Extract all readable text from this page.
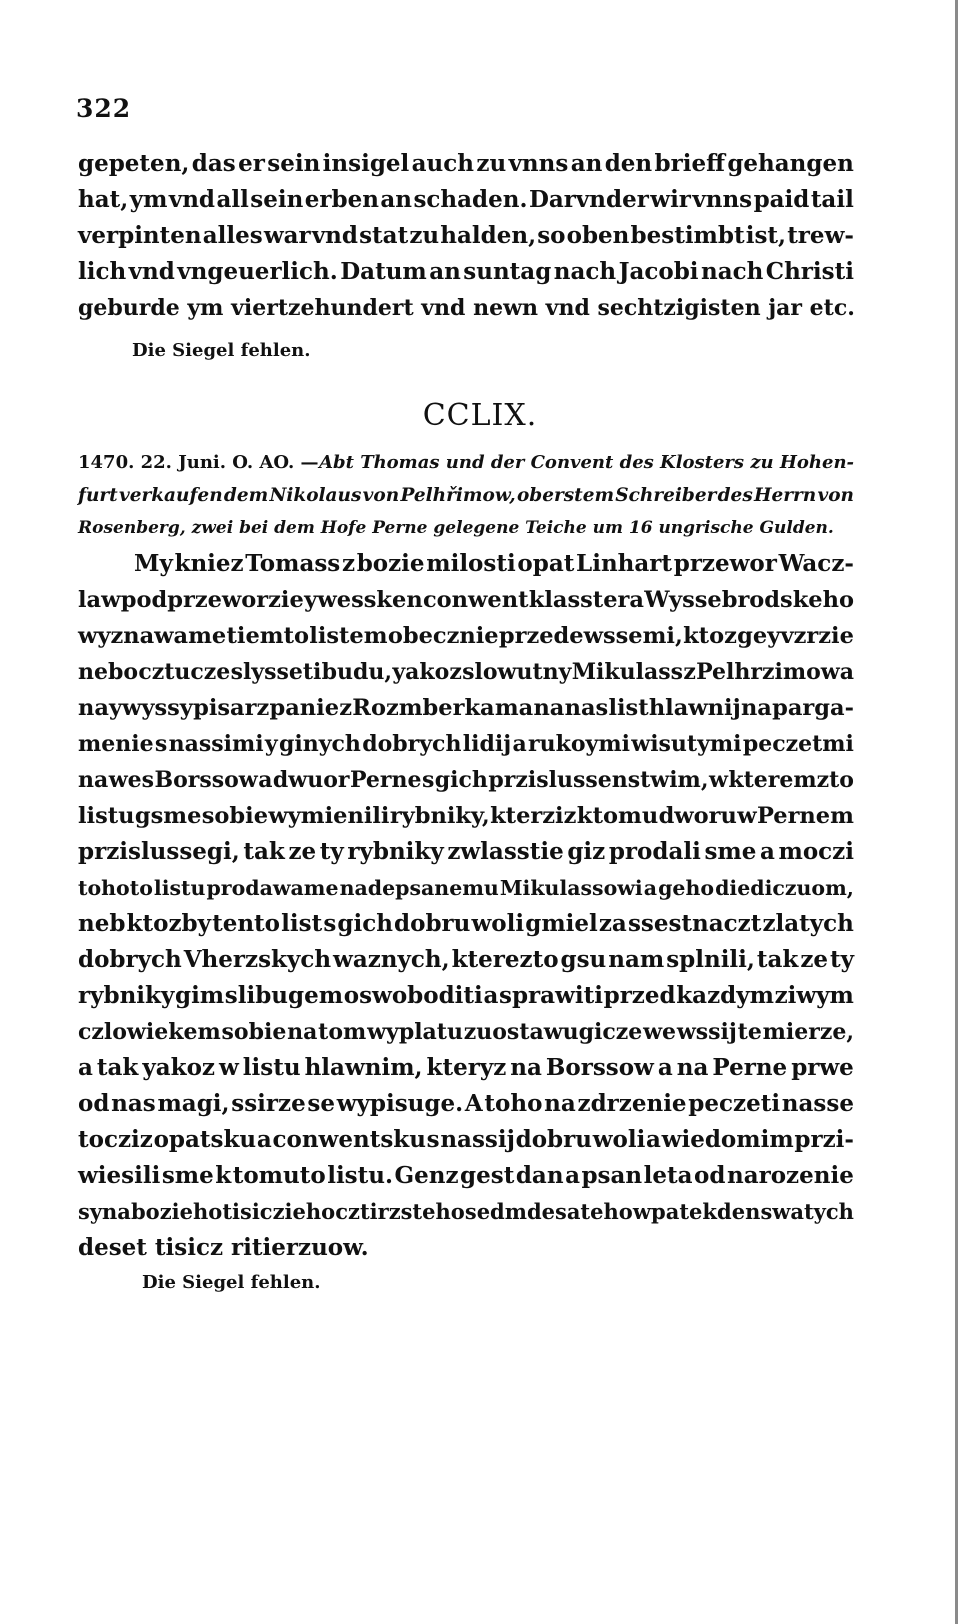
322
gepeten, das er sein insigel auch zu vnns an den brieff gehangen
hat, ym vnd all sein erben an schaden. Darvnder wir vnns paid tail
verpinten alles war vnd stat zu halden, so oben bestimbt ist, trew-
lich vnd vngeuerlich. Datum an suntag nach Jacobi nach Christi
geburde ym viertzehundert vnd newn vnd sechtzigisten jar etc.
Die Siegel fehlen.
CCLIX.
1470. 22. Juni. O. AO. — Abt Thomas und der Convent des Klosters zu Hohen-
furt verkaufen dem Nikolaus von Pelhřimow, oberstem Schreiber des Herrn von
Rosenberg, zwei bei dem Hofe Perne gelegene Teiche um 16 ungrische Gulden.
My kniez Tomass z bozie milosti opat Linhart przewor Wacz-
law podprzeworzie y wessken conwent klasstera Wyssebrodskeho
wyznawame tiemto listem obecznie przedewssemi, ktoz gey vzrzie
nebo cztucze slysseti budu, yakoz slowutny Mikulass z Pelhrzimowa
naywyssy pisarz panie z Rozmberka ma na nas list hlawnij na parga-
menie s nassimi y ginych dobrych lidij a rukoymi wisutymi peczetmi
na wes Borssow a dwuor Perne s gich przislussenstwim, w kteremzto
listu gsme sobie wymienili rybniky, kterziz k tomu dworu w Pernem
przislussegi, tak ze ty rybniky zwlasstie giz prodali sme a moczi
tohoto listu prodawame nadepsanemu Mikulassowi a geho diediczuom,
neb ktozby tento list s gich dobru woli gmiel za ssestnaczt zlatych
dobrych Vherzskych waznych, kterezto gsu nam splnili, tak ze ty
rybniky gim slibugem oswoboditi a sprawiti przed kazdym ziwym
czlowiekem sobie na tom wyplatu zuostawugicze we wssij te mierze,
a tak yakoz w listu hlawnim, kteryz na Borssow a na Perne prwe
od nas magi, ssirze se wypisuge. A toho na zdrzenie peczeti nasse
tocziz opatsku a conwentsku s nassij dobru woli a wiedomim przi-
wiesili sme k tomuto listu. Genz gest dan a psan leta od narozenie
syna bozieho tisiczieho cztirzsteho sedmdesateho w patek den swatych
deset tisicz ritierzuow.
Die Siegel fehlen.
